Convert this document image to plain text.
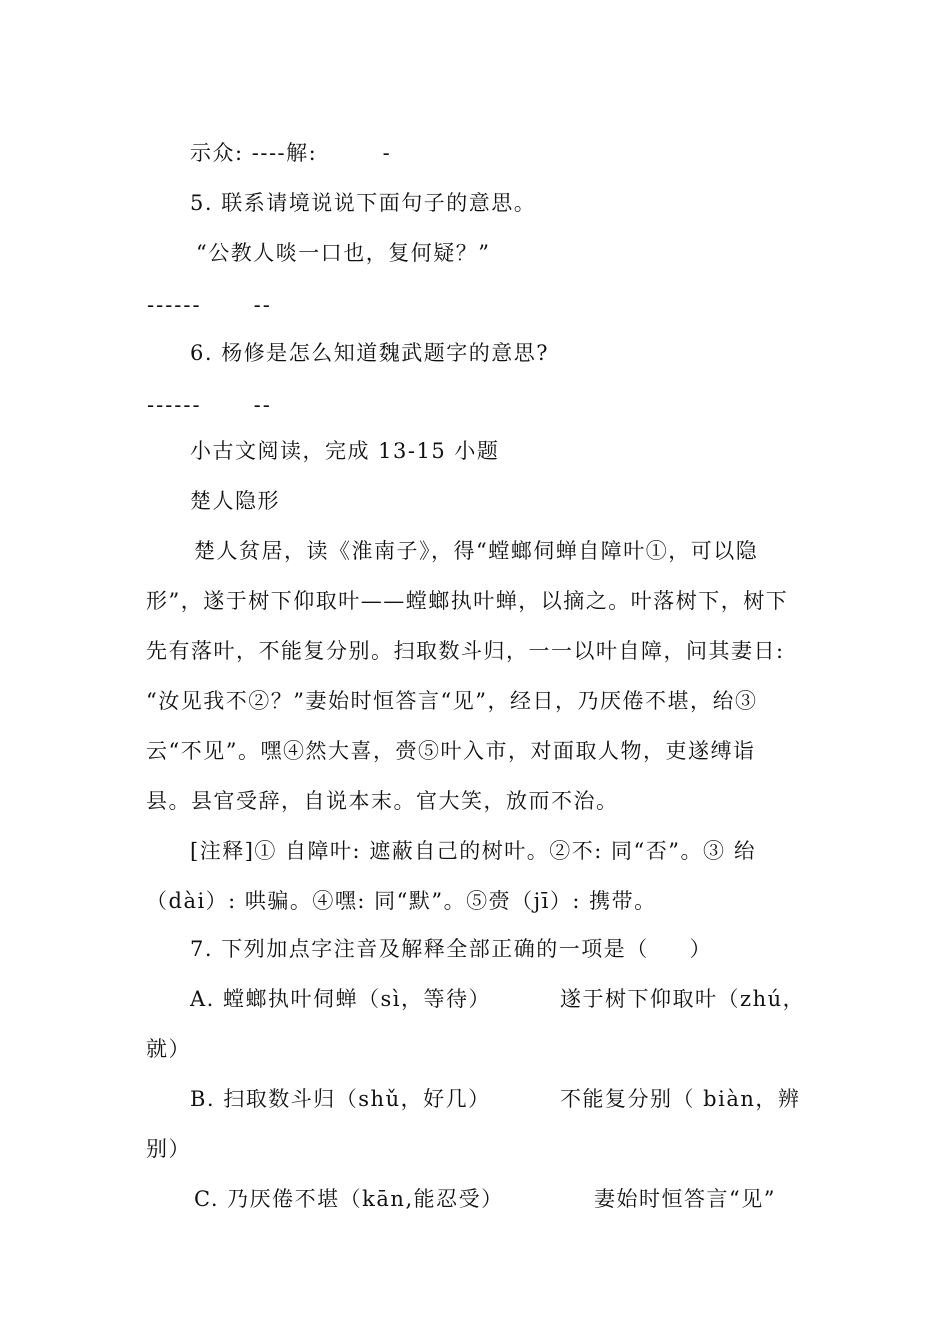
示众: ----解:        -
5. 联系请境说说下面句子的意思。
“公教人啖一口也，复何疑？”
------      --
6. 杨修是怎么知道魏武题字的意思?
------      --
小古文阅读，完成 13-15 小题
楚人隐形
楚人贫居，读《淮南子》，得“螳螂伺蝉自障叶①，可以隐
形”，遂于树下仰取叶——螳螂执叶蝉，以摘之。叶落树下，树下
先有落叶，不能复分别。扫取数斗归，一一以叶自障，问其妻日:
“汝见我不②？”妻始时恒答言“见”，经日，乃厌倦不堪，绐③
云“不见”。嘿④然大喜，赍⑤叶入市，对面取人物，吏遂缚诣
县。县官受辞，自说本末。官大笑，放而不治。
[注释]① 自障叶: 遮蔽自己的树叶。②不: 同“否”。③ 绐
（dài）: 哄骗。④嘿: 同“默”。⑤赍（jī）: 携带。
7. 下列加点字注音及解释全部正确的一项是（     ）
A. 螳螂执叶伺蝉（sì，等待）	遂于树下仰取叶（zhú，
就）
B. 扫取数斗归（shǔ，好几）	不能复分别（ biàn，辨
别）
C. 乃厌倦不堪（kān,能忍受）	妻始时恒答言“见”
